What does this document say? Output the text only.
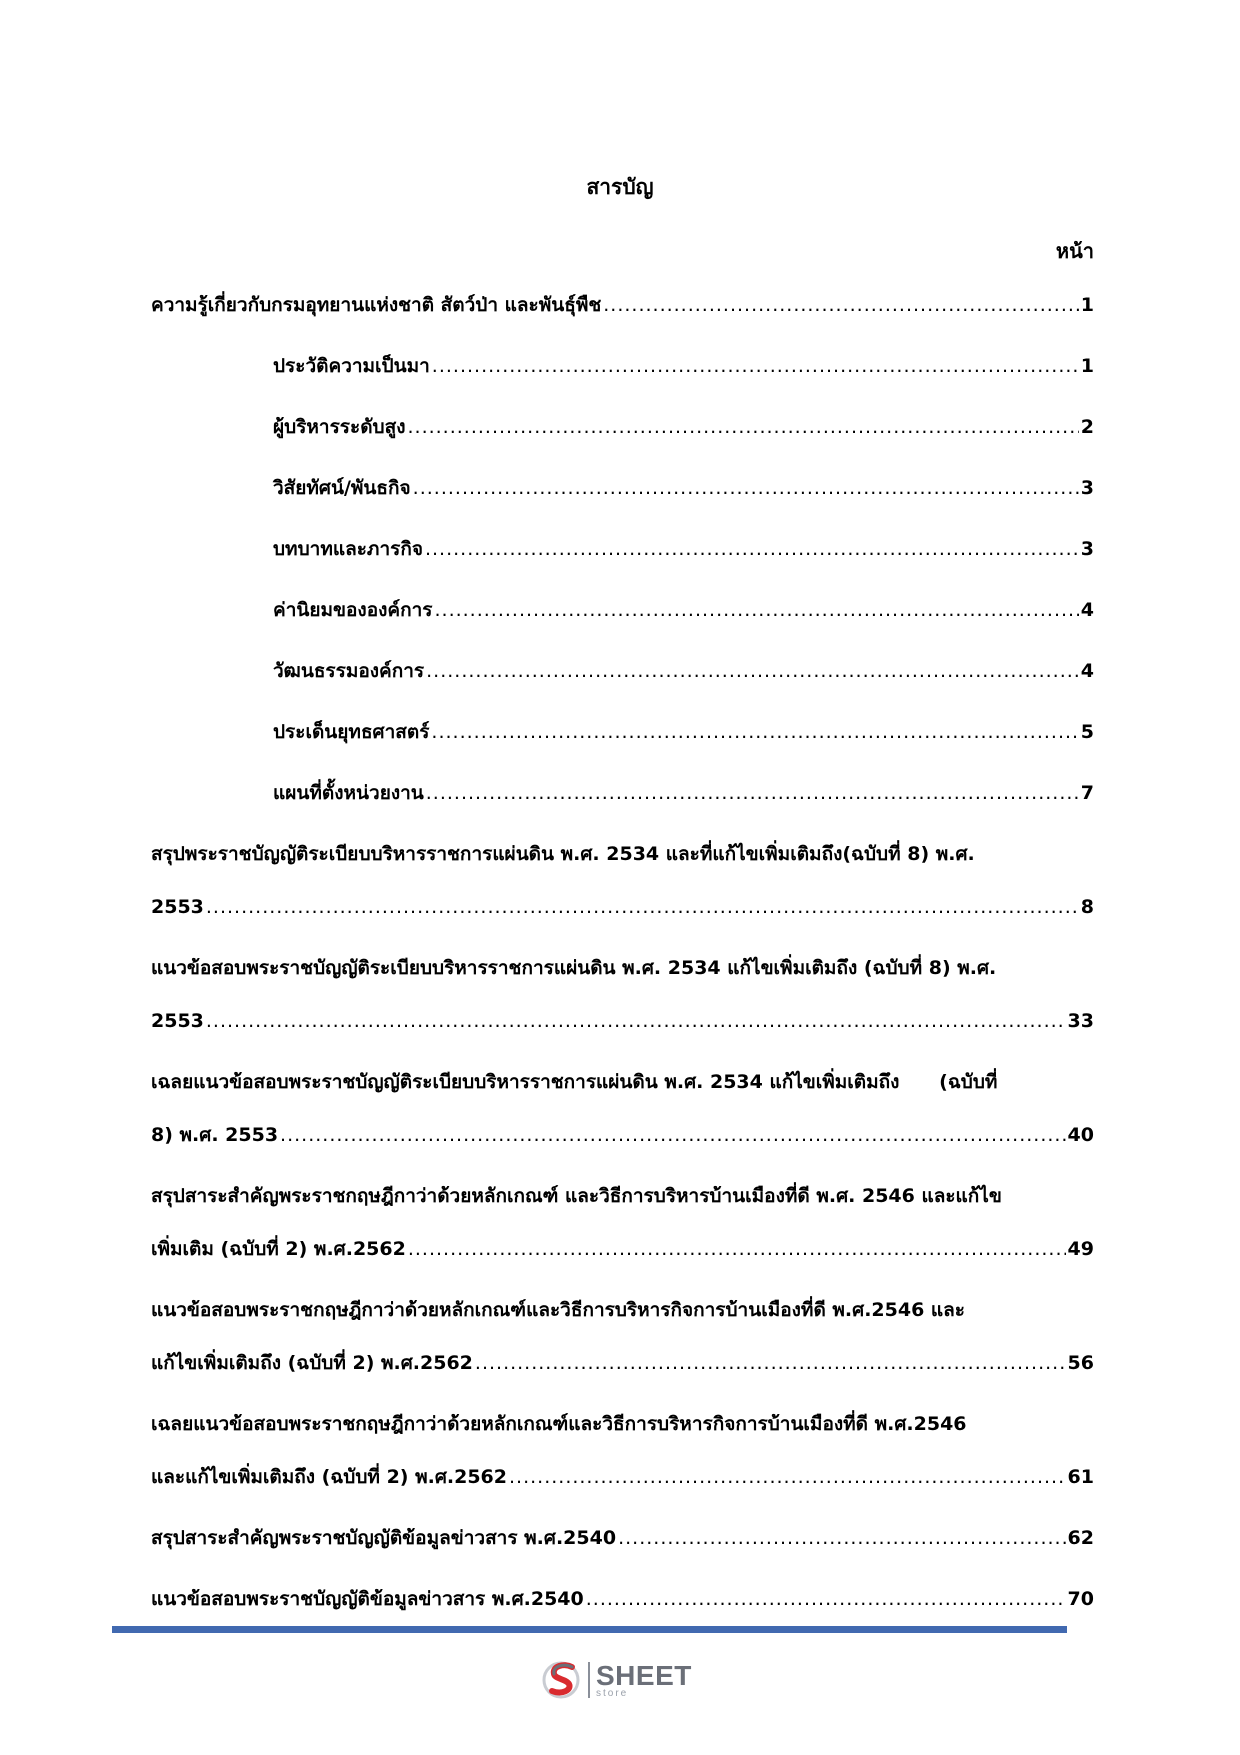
สารบัญ
หน้า
ความรู้เกี่ยวกับกรมอุทยานแห่งชาติ สัตว์ป่า และพันธุ์พืช .....	1
ประวัติความเป็นมา .....	1
ผู้บริหารระดับสูง .....	2
วิสัยทัศน์/พันธกิจ .....	3
บทบาทและภารกิจ .....	3
ค่านิยมขององค์การ .....	4
วัฒนธรรมองค์การ .....	4
ประเด็นยุทธศาสตร์ .....	5
แผนที่ตั้งหน่วยงาน .....	7
สรุปพระราชบัญญัติระเบียบบริหารราชการแผ่นดิน พ.ศ. 2534 และที่แก้ไขเพิ่มเติมถึง(ฉบับที่ 8) พ.ศ.
2553 .....	8
แนวข้อสอบพระราชบัญญัติระเบียบบริหารราชการแผ่นดิน พ.ศ. 2534 แก้ไขเพิ่มเติมถึง (ฉบับที่ 8) พ.ศ.
2553 .....	33
เฉลยแนวข้อสอบพระราชบัญญัติระเบียบบริหารราชการแผ่นดิน พ.ศ. 2534 แก้ไขเพิ่มเติมถึง      (ฉบับที่
8) พ.ศ. 2553 .....	40
สรุปสาระสำคัญพระราชกฤษฎีกาว่าด้วยหลักเกณฑ์ และวิธีการบริหารบ้านเมืองที่ดี พ.ศ. 2546 และแก้ไข
เพิ่มเติม (ฉบับที่ 2) พ.ศ.2562 .....	49
แนวข้อสอบพระราชกฤษฎีกาว่าด้วยหลักเกณฑ์และวิธีการบริหารกิจการบ้านเมืองที่ดี พ.ศ.2546 และ
แก้ไขเพิ่มเติมถึง (ฉบับที่ 2) พ.ศ.2562 .....	56
เฉลยแนวข้อสอบพระราชกฤษฎีกาว่าด้วยหลักเกณฑ์และวิธีการบริหารกิจการบ้านเมืองที่ดี พ.ศ.2546
และแก้ไขเพิ่มเติมถึง (ฉบับที่ 2) พ.ศ.2562 .....	61
สรุปสาระสำคัญพระราชบัญญัติข้อมูลข่าวสาร พ.ศ.2540 .....	62
แนวข้อสอบพระราชบัญญัติข้อมูลข่าวสาร พ.ศ.2540 .....	70
SHEET
store
